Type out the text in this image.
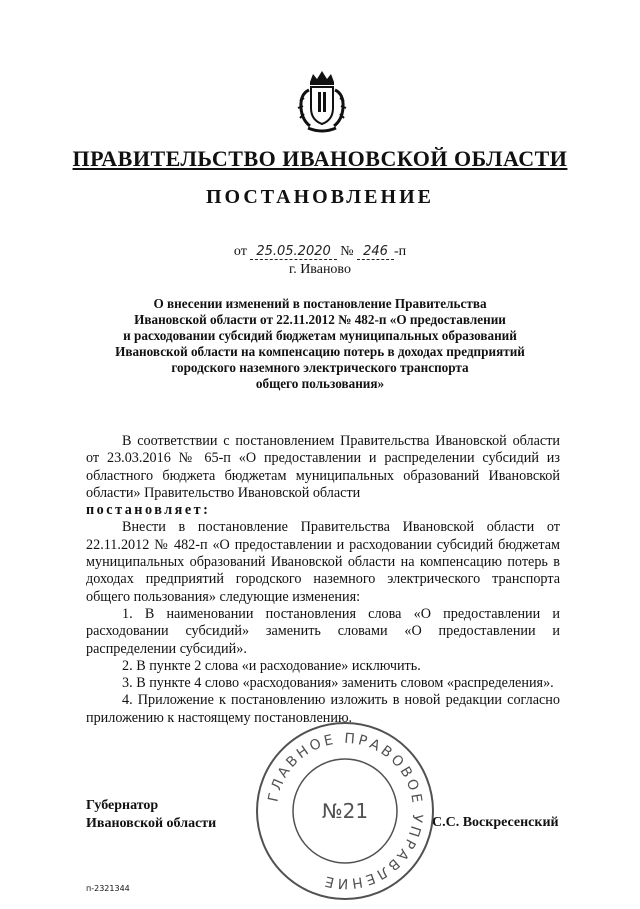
ПРАВИТЕЛЬСТВО ИВАНОВСКОЙ ОБЛАСТИ
ПОСТАНОВЛЕНИЕ
от 25.05.2020 № 246 -п
г. Иваново
О внесении изменений в постановление Правительства
Ивановской области от 22.11.2012 № 482-п «О предоставлении
и расходовании субсидий бюджетам муниципальных образований
Ивановской области на компенсацию потерь в доходах предприятий
городского наземного электрического транспорта
общего пользования»

В соответствии с постановлением Правительства Ивановской области от 23.03.2016 № 65-п «О предоставлении и распределении субсидий из областного бюджета бюджетам муниципальных образований Ивановской области» Правительство Ивановской области

постановляет:

Внести в постановление Правительства Ивановской области от 22.11.2012 № 482-п «О предоставлении и расходовании субсидий бюджетам муниципальных образований Ивановской области на компенсацию потерь в доходах предприятий городского наземного электрического транспорта общего пользования» следующие изменения:

1. В наименовании постановления слова «О предоставлении и расходовании субсидий» заменить словами «О предоставлении и распределении субсидий».

2. В пункте 2 слова «и расходование» исключить.

3. В пункте 4 слово «расходования» заменить словом «распределения».

4. Приложение к постановлению изложить в новой редакции согласно приложению к настоящему постановлению.

Губернатор
Ивановской области	С.С. Воскресенский
ГЛАВНОЕ ПРАВОВОЕ УПРАВЛЕНИЕ
№21
п-2321344
